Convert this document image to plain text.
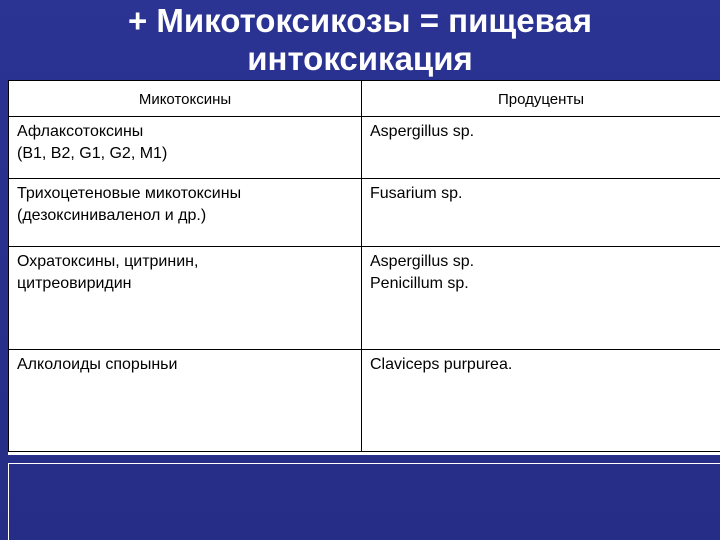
+ Микотоксикозы = пищевая
интоксикация
Микотоксины	Продуценты

Афлаксотоксины
(В1, В2, G1, G2, M1)	Aspergillus sp.

Трихоцетеновые микотоксины
(дезоксиниваленол и др.)	Fusarium sp.

Охратоксины, цитринин,
цитреовиридин	Aspergillus sp.
Penicillum sp.

Алколоиды спорыньи	Claviceps purpurea.
